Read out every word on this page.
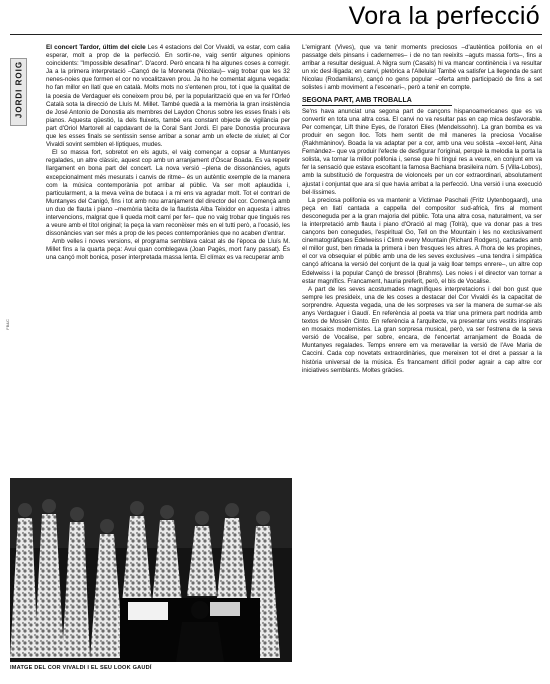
Vora la perfecció
JORDI ROIG
FB&C

El concert Tardor, últim del cicle Les 4 estacions del Cor Vivaldi, va estar, com calia esperar, molt a prop de la perfecció. En sortir-ne, vaig sentir algunes opinions coincidents: "Impossible desafinar". D'acord. Però encara hi ha algunes coses a corregir. Ja a la primera interpretació –Cançó de la Moreneta (Nicolau)– vaig trobar que les 32 nenes-noies que formen el cor no vocalitzaven prou. Ja ho he comentat alguna vegada: ho fan millor en llatí que en català. Molts mots no s'entenen prou, tot i que la qualitat de la poesia de Verdaguer els coneixem prou bé, per la popularització que en va fer l'Orfeó Català sota la direcció de Lluís M. Millet. També quedà a la memòria la gran insistència de José Antonio de Donostia als membres del Laydon Chorus sobre les esses finals i els pianos. Aquesta qüestió, la dels fluixets, també era constant objecte de vigilància per part d'Oriol Martorell al capdavant de la Coral Sant Jordi. El pare Donostia procurava que les esses finals se sentissin sense arribar a sonar amb un efecte de xiulet; al Cor Vivaldi sovint semblen el·líptiques, mudes.

El so massa fort, sobretot en els aguts, el vaig començar a copsar a Muntanyes regalades, un altre clàssic, aquest cop amb un arranjament d'Òscar Boada. Es va repetir llargament en bona part del concert. La nova versió –plena de dissonàncies, aguts excepcionalment més mesurats i canvis de ritme– és un autèntic exemple de la manera com la música contemporània pot arribar al públic. Va ser molt aplaudida i, particularment, a la meva veïna de butaca i a mi ens va agradar molt. Tot el contrari de Muntanyes del Canigó, fins i tot amb nou arranjament del director del cor. Començà amb un duo de flauta i piano –memòria tàcita de la flautista Alba Teixidor en aquesta i altres intervencions, malgrat que li queda molt camí per fer– que no vaig trobar que tingués res a veure amb el títol original; la peça la vam reconèixer més en el tutti però, a l'ocasió, les dissonàncies van ser més a prop de les peces contemporànies que no acaben d'entrar.

Amb velles i noves versions, el programa semblava calcat als de l'època de Lluís M. Millet fins a la quarta peça: Avui quan comblegava (Joan Pagès, mort l'any passat). És una cançó molt bonica, poser interpretada massa lenta. El clímax es va recuperar amb

L'emigrant (Vives), que va tenir moments preciosos –d'autèntica polifonia en el passatge dels pinsans i cadernerres– i de no tan reeixits –aguts massa forts–, fins a arribar a resultar desigual. A Nigra sum (Casals) hi va mancar continència i va resultar un xic desl·lligada; en canvi, pletòrica a l'Alleluia! També va satisfer La llegenda de sant Nicolau (Rodamilans), cançó no gens popular –oferta amb participació de fins a set solistes i amb moviment a l'escenari–, però a tenir en compte.

SEGONA PART, AMB TROBALLA

Se'ns hava anunciat una segona part de cançons hispanoamericanes que es va convertir en tota una altra cosa. El canvi no va resultar pas en cap mica desfavorable. Per començar, Lift thine Eyes, de l'oratori Elies (Mendelssohn). La gran bomba es va produir en segon lloc. Tots hem sentit de mil maneres la preciosa Vocalise (Rakhmàninov). Boada la va adaptar per a cor, amb una veu solista –excel·lent, Aina Fernàndez– que va produir l'efecte de desfigurar l'original, perquè la melodia la porta la solista, va tornar la millor polifonia i, sense que hi tingui res a veure, en conjunt em va fer la sensació que estava escoltant la famosa Bachiana brasileira núm. 5 (Villa-Lobos), amb la substitució de l'orquestra de violoncels per un cor extraordinari, absolutament ajustat i conjuntat que ara sí que havia arribat a la perfecció. Una versió i una execució bel·líssimes.

La preciosa polifonia es va mantenir a Victimae Paschali (Fritz Uytenbogaard), una peça en llatí cantada a cappella del compositor sud-africà, fins al moment desconeguda per a la gran majoria del públic. Tota una altra cosa, naturalment, va ser la interpretació amb flauta i piano d'Oració al mag (Tolrà), que va donar pas a tres cançons ben conegudes, l'espiritual Go, Tell on the Mountain i les no exclusivament cinematogràfiques Edelweiss i Climb every Mountain (Richard Rodgers), cantades amb el millor gust, ben rimada la primera i ben fresques les altres. A l'hora de les propines, el cor va obsequiar el públic amb una de les seves exclusives –una tendra i simpàtica cançó africana la versió del conjunt de la qual ja vaig lloar temps enrere–, un altre cop Edelweiss i la popular Cançó de bressol (Brahms). Les noies i el director van tornar a estar magnífics. Francament, hauria preferit, però, el bis de Vocalise.

A part de les seves acostumades magnífiques interpretacions i del bon gust que sempre les presideix, una de les coses a destacar del Cor Vivaldi és la capacitat de sorprendre. Aquesta vegada, una de les sorpreses va ser la manera de sumar-se als anys Verdaguer i Gaudí. En referència al poeta va triar una primera part nodrida amb textos de Mossèn Cinto. En referència a l'arquitecte, va presentar uns vestits inspirats en mosaics modernistes. La gran sorpresa musical, però, va ser l'estrena de la seva versió de Vocalise, per sobre, encara, de l'encertat arranjament de Boada de Muntanyes regalades. Temps enrere em va meravellar la versió de l'Ave Maria de Caccini. Cada cop novetats extraordinàries, que mereixen tot el dret a passar a la història universal de la música. És francament difícil poder agrair a cap altre cor iniciatives semblants. Moltes gràcies.

IMATGE DEL COR VIVALDI I EL SEU LOOK GAUDÍ
